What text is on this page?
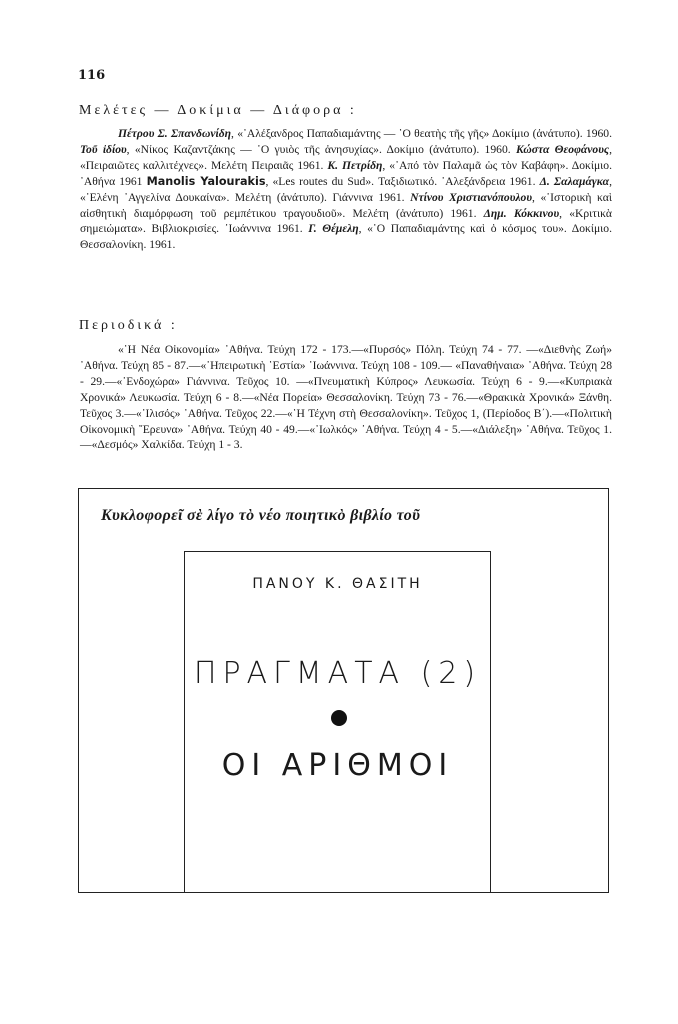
116
Μελέτες — Δοκίμια — Διάφορα :
Πέτρου Σ. Σπανδωνίδη, «᾿Αλέξανδρος Παπαδιαμάντης — ῾Ο θεατὴς τῆς γῆς» Δοκίμιο (ἀνάτυπο). 1960. Τοῦ ἰδίου, «Νίκος Καζαντζάκης — ῾Ο γυιὸς τῆς ἀνησυχίας». Δοκίμιο (ἀνάτυπο). 1960. Κώστα Θεοφάνους, «Πειραιῶτες καλλιτέχνες». Μελέτη Πειραιᾶς 1961. Κ. Πετρίδη, «᾿Από τὸν Παλαμᾶ ὡς τὸν Καβάφη». Δοκίμιο. ᾿Αθήνα 1961 Manolis Yalourakis, «Les routes du Sud». Ταξιδιωτικό. ᾿Αλεξάνδρεια 1961. Δ. Σαλαμάγκα, «᾿Ελένη ᾿Αγγελίνα Δουκαίνα». Μελέτη (ἀνάτυπο). Γιάννινα 1961. Ντίνου Χριστιανόπουλου, «῾Ιστορικὴ καὶ αἰσθητικὴ διαμόρφωση τοῦ ρεμπέτικου τραγουδιοῦ». Μελέτη (ἀνάτυπο) 1961. Δημ. Κόκκινου, «Κριτικὰ σημειώματα». Βιβλιοκρισίες. ᾿Ιωάννινα 1961. Γ. Θέμελη, «῾Ο Παπαδιαμάντης καὶ ὁ κόσμος του». Δοκίμιο. Θεσσαλονίκη. 1961.
Περιοδικά :
«῾Η Νέα Οἰκονομία» ᾿Αθήνα. Τεύχη 172 - 173.—«Πυρσός» Πόλη. Τεύχη 74 - 77. —«Διεθνὴς Ζωή» ᾿Αθήνα. Τεύχη 85 - 87.—«᾿Ηπειρωτικὴ ῾Εστία» ᾿Ιωάννινα. Τεύχη 108 - 109.— «Παναθήναια» ᾿Αθήνα. Τεύχη 28 - 29.—«᾿Ενδοχώρα» Γιάννινα. Τεῦχος 10. —«Πνευματικὴ Κύπρος» Λευκωσία. Τεύχη 6 - 9.—«Κυπριακὰ Χρονικά» Λευκωσία. Τεύχη 6 - 8.—«Νέα Πορεία» Θεσσαλονίκη. Τεύχη 73 - 76.—«Θρακικὰ Χρονικά» Ξάνθη. Τεῦχος 3.—«᾿Ιλισός» ᾿Αθήνα. Τεῦχος 22.—«῾Η Τέχνη στὴ Θεσσαλονίκη». Τεῦχος 1, (Περίοδος Β΄).—«Πολιτικὴ Οἰκονομικὴ ῎Ερευνα» ᾿Αθήνα. Τεύχη 40 - 49.—«᾿Ιωλκός» ᾿Αθήνα. Τεύχη 4 - 5.—«Διάλεξη» ᾿Αθήνα. Τεῦχος 1.—«Δεσμός» Χαλκίδα. Τεύχη 1 - 3.
Κυκλοφορεῖ σὲ λίγο τὸ νέο ποιητικὸ βιβλίο τοῦ
ΠΑΝΟΥ Κ. ΘΑΣΙΤΗ
ΠΡΑΓΜΑΤΑ (2)
ΟΙ ΑΡΙΘΜΟΙ
